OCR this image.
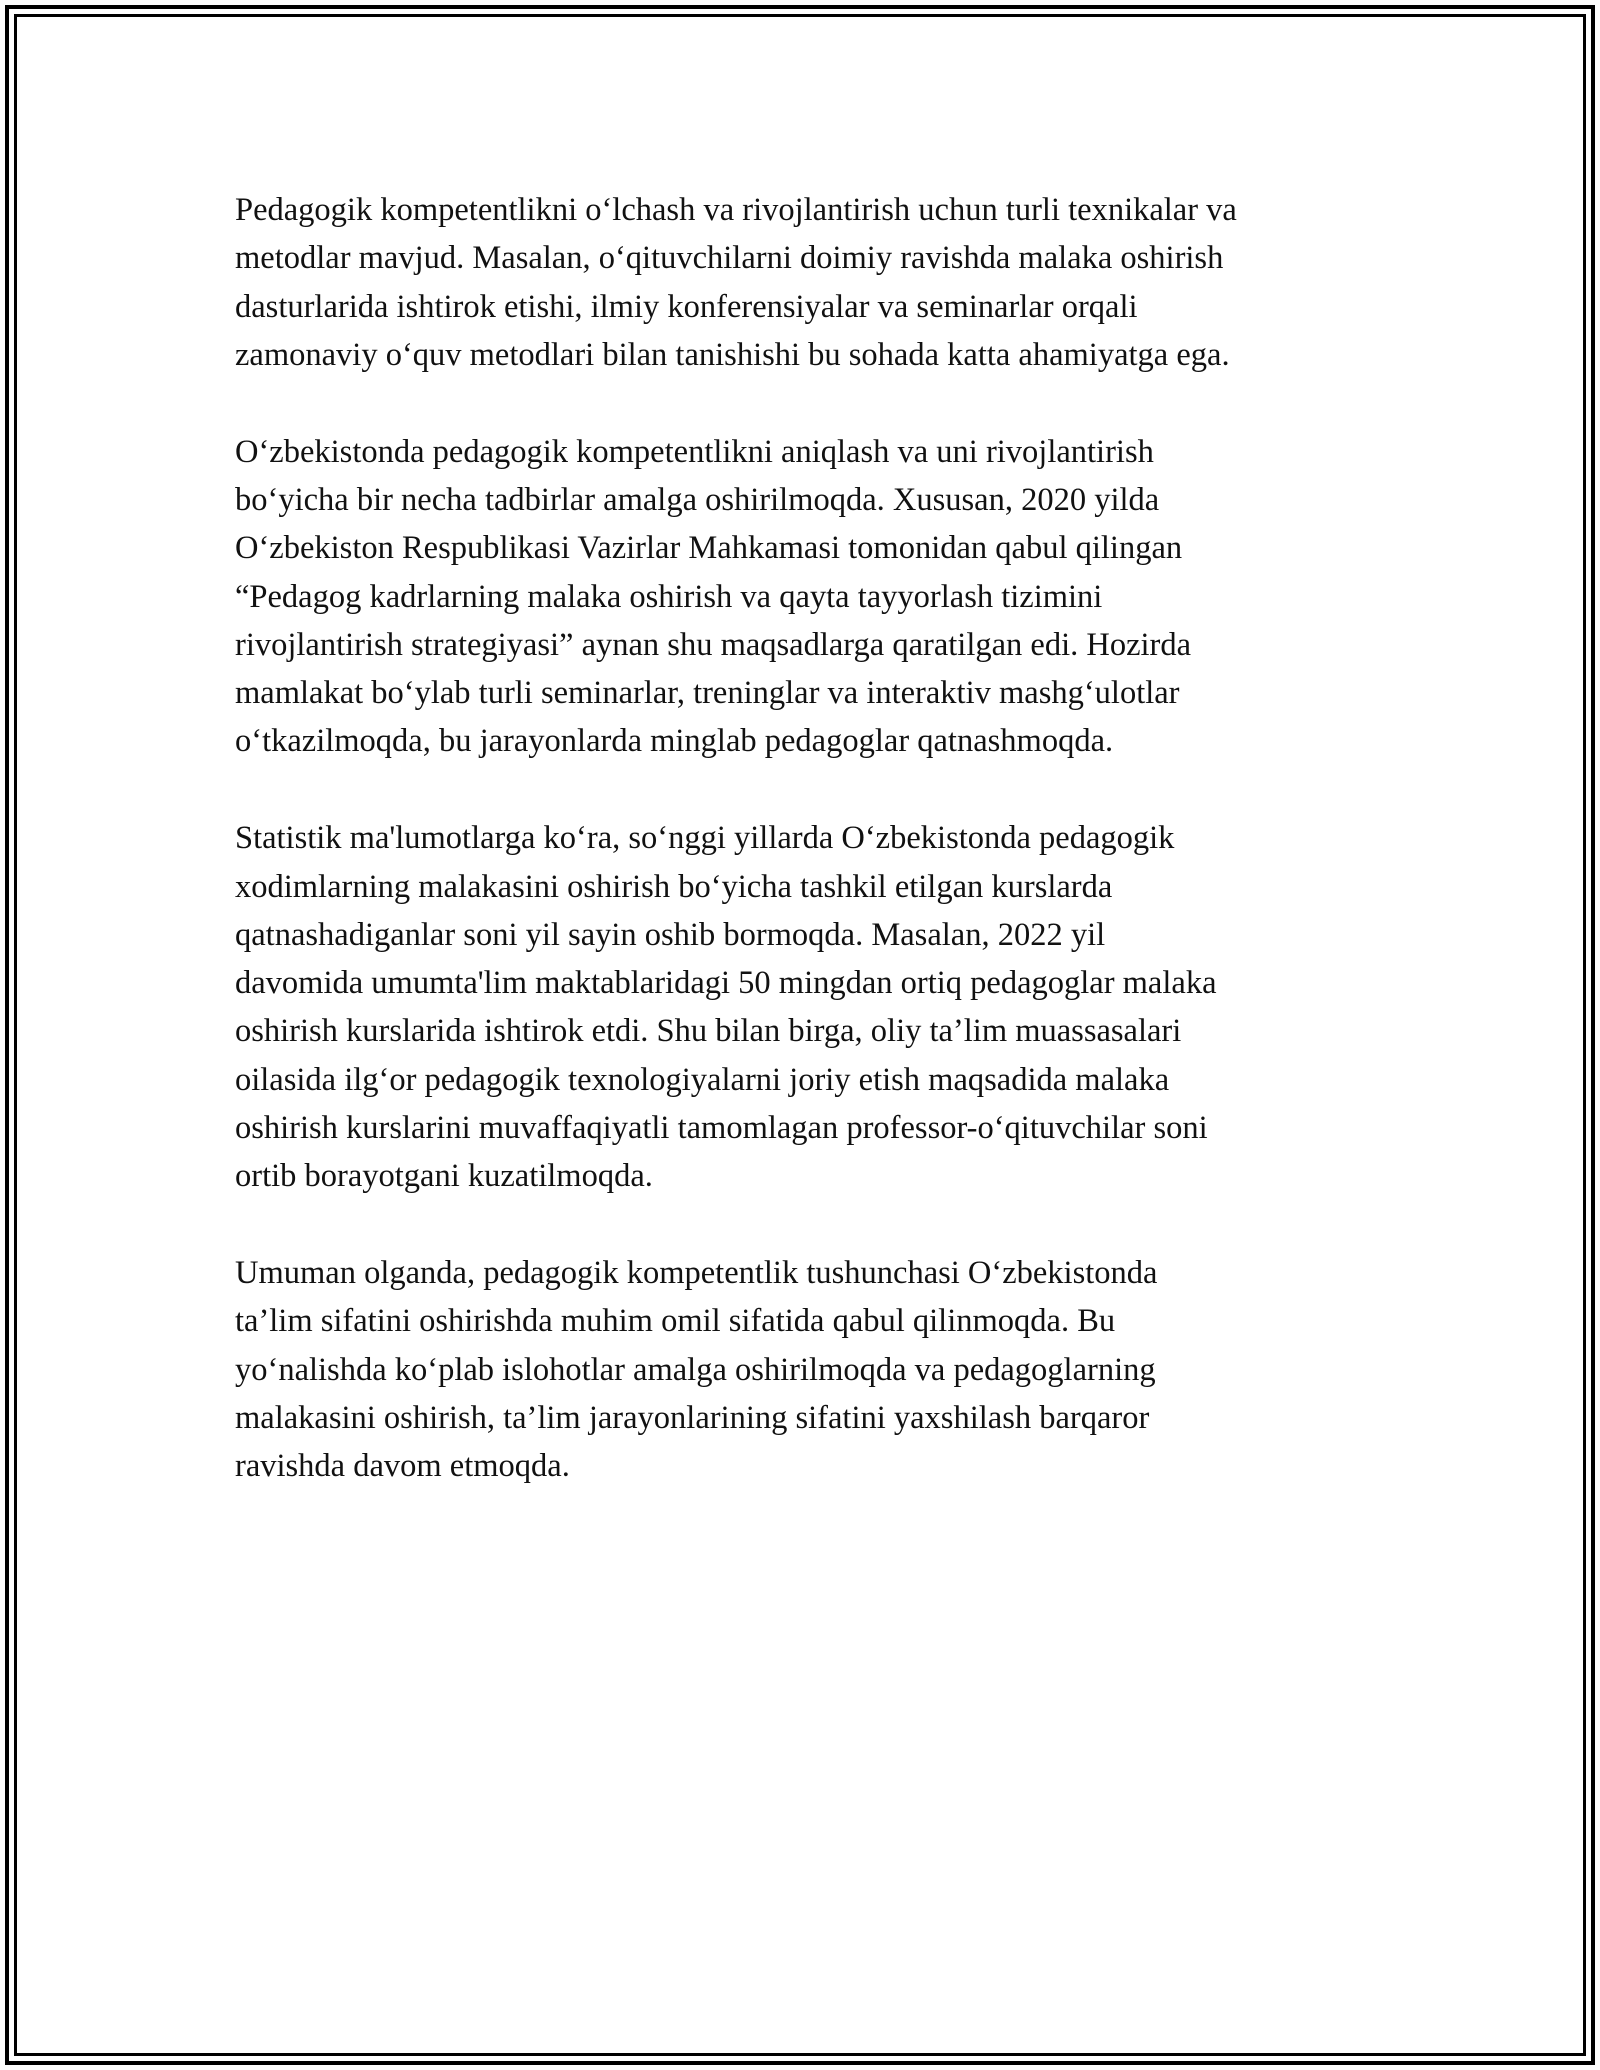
Pedagogik kompetentlikni o‘lchash va rivojlantirish uchun turli texnikalar va
metodlar mavjud. Masalan, o‘qituvchilarni doimiy ravishda malaka oshirish
dasturlarida ishtirok etishi, ilmiy konferensiyalar va seminarlar orqali
zamonaviy o‘quv metodlari bilan tanishishi bu sohada katta ahamiyatga ega.

O‘zbekistonda pedagogik kompetentlikni aniqlash va uni rivojlantirish
bo‘yicha bir necha tadbirlar amalga oshirilmoqda. Xususan, 2020 yilda
O‘zbekiston Respublikasi Vazirlar Mahkamasi tomonidan qabul qilingan
“Pedagog kadrlarning malaka oshirish va qayta tayyorlash tizimini
rivojlantirish strategiyasi” aynan shu maqsadlarga qaratilgan edi. Hozirda
mamlakat bo‘ylab turli seminarlar, treninglar va interaktiv mashg‘ulotlar
o‘tkazilmoqda, bu jarayonlarda minglab pedagoglar qatnashmoqda.

Statistik ma'lumotlarga ko‘ra, so‘nggi yillarda O‘zbekistonda pedagogik
xodimlarning malakasini oshirish bo‘yicha tashkil etilgan kurslarda
qatnashadiganlar soni yil sayin oshib bormoqda. Masalan, 2022 yil
davomida umumta'lim maktablaridagi 50 mingdan ortiq pedagoglar malaka
oshirish kurslarida ishtirok etdi. Shu bilan birga, oliy ta’lim muassasalari
oilasida ilg‘or pedagogik texnologiyalarni joriy etish maqsadida malaka
oshirish kurslarini muvaffaqiyatli tamomlagan professor-o‘qituvchilar soni
ortib borayotgani kuzatilmoqda.

Umuman olganda, pedagogik kompetentlik tushunchasi O‘zbekistonda
ta’lim sifatini oshirishda muhim omil sifatida qabul qilinmoqda. Bu
yo‘nalishda ko‘plab islohotlar amalga oshirilmoqda va pedagoglarning
malakasini oshirish, ta’lim jarayonlarining sifatini yaxshilash barqaror
ravishda davom etmoqda.
